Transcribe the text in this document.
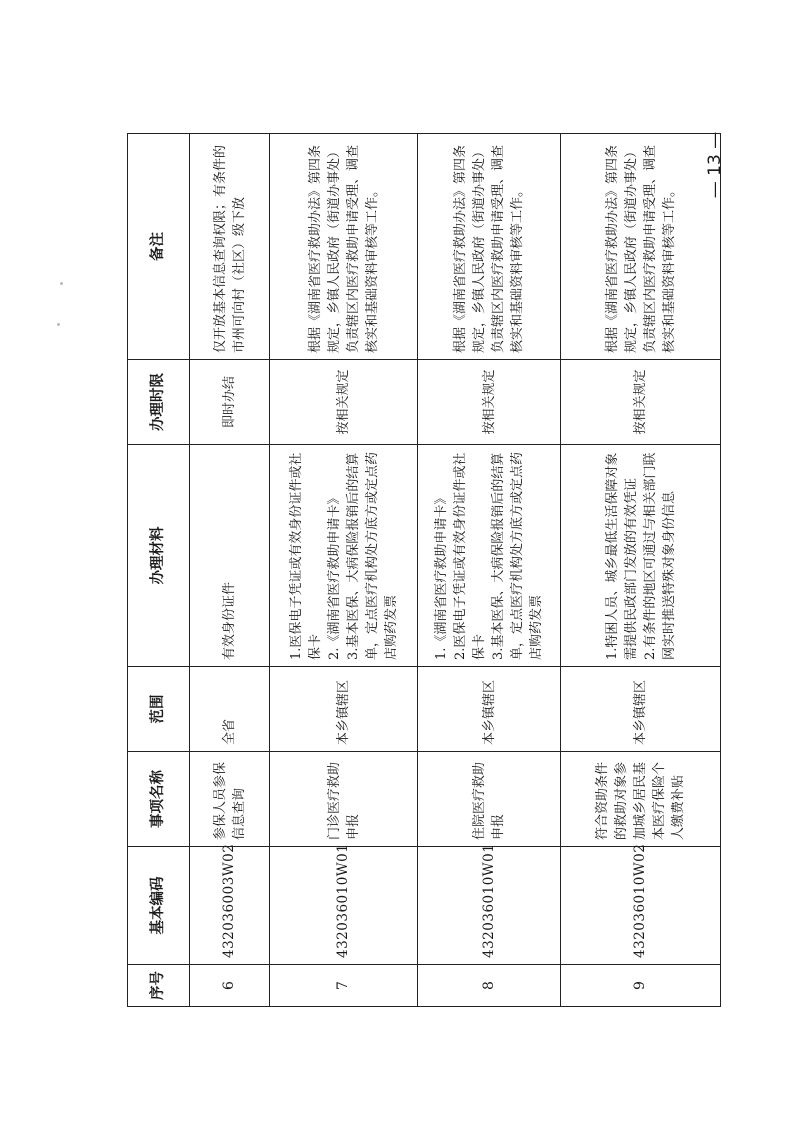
— 13 —
序号	基本编码	事项名称	范围	办理材料	办理时限	备注
6	432036003W02	参保人员参保信息查询	全省	有效身份证件	即时办结	仅开放基本信息查询权限；有条件的市州可向村（社区）级下放
7	432036010W01	门诊医疗救助申报	本乡镇辖区	1.医保电子凭证或有效身份证件或社保卡 2.《湖南省医疗救助申请卡》 3.基本医保、大病保险报销后的结算单，定点医疗机构处方底方或定点药店购药发票	按相关规定	根据《湖南省医疗救助办法》第四条规定，乡镇人民政府（街道办事处）负责辖区内医疗救助申请受理、调查核实和基础资料审核等工作。
8	432036010W01	住院医疗救助申报	本乡镇辖区	1.《湖南省医疗救助申请卡》 2.医保电子凭证或有效身份证件或社保卡 3.基本医保、大病保险报销后的结算单，定点医疗机构处方底方或定点药店购药发票	按相关规定	根据《湖南省医疗救助办法》第四条规定，乡镇人民政府（街道办事处）负责辖区内医疗救助申请受理、调查核实和基础资料审核等工作。
9	432036010W02	符合资助条件的救助对象参加城乡居民基本医疗保险个人缴费补贴	本乡镇辖区	1.特困人员、城乡最低生活保障对象需提供民政部门发放的有效凭证 2.有条件的地区可通过与相关部门联网实时推送特殊对象身份信息	按相关规定	根据《湖南省医疗救助办法》第四条规定，乡镇人民政府（街道办事处）负责辖区内医疗救助申请受理、调查核实和基础资料审核等工作。
